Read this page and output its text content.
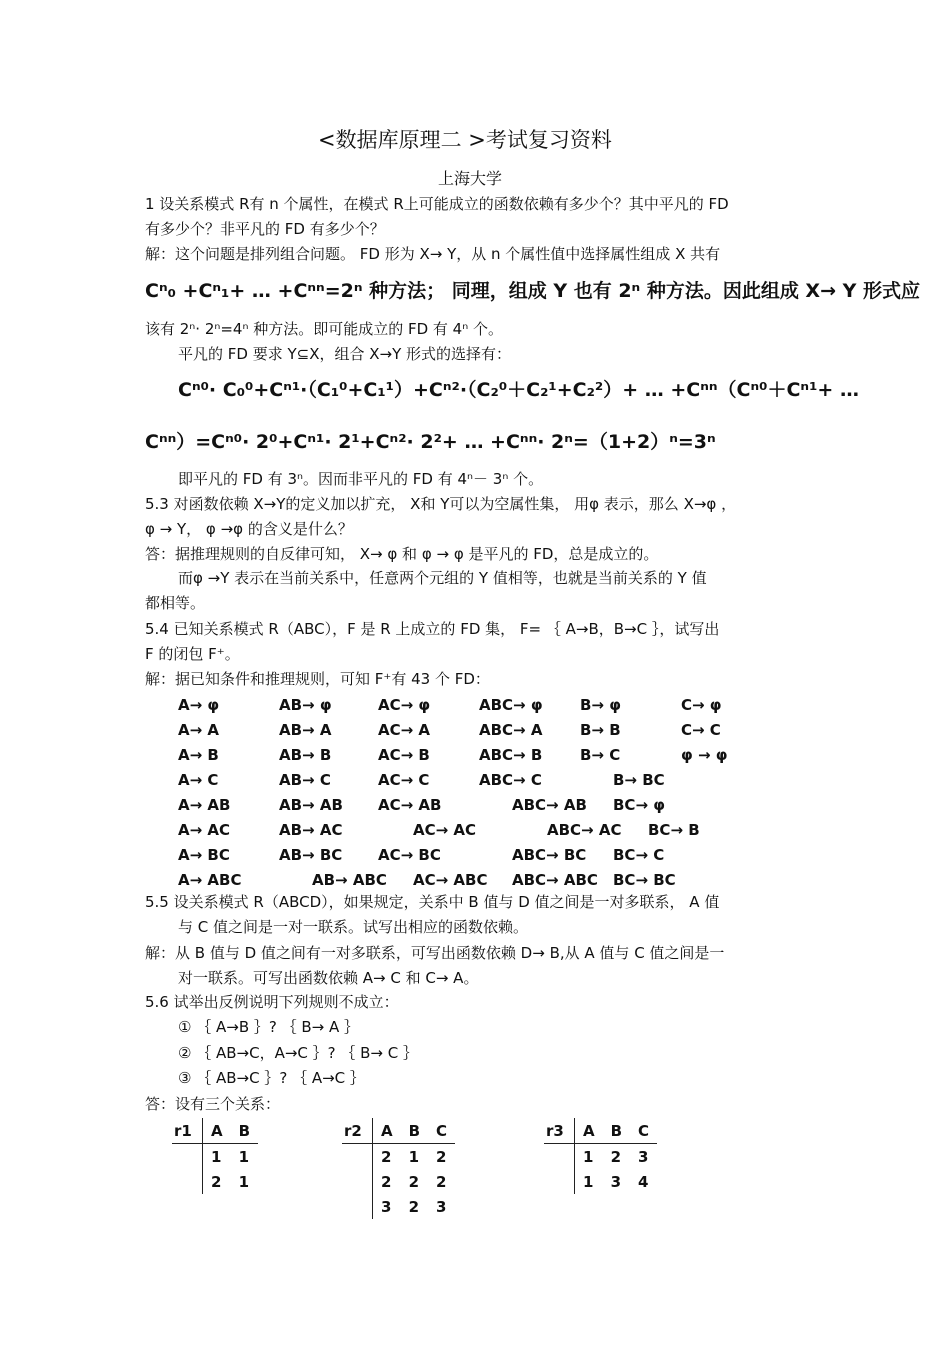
<数据库原理二 >考试复习资料
上海大学
1 设关系模式 R有 n 个属性，在模式 R上可能成立的函数依赖有多少个？其中平凡的 FD
有多少个？非平凡的 FD 有多少个？
解：这个问题是排列组合问题。 FD 形为 X→ Y，从 n 个属性值中选择属性组成 X 共有
Cⁿ₀ +Cⁿ₁+ … +Cⁿⁿ=2ⁿ 种方法； 同理，组成 Y 也有 2ⁿ 种方法。因此组成 X→ Y 形式应
该有 2ⁿ· 2ⁿ=4ⁿ 种方法。即可能成立的 FD 有 4ⁿ 个。
平凡的 FD 要求 Y⊆X，组合 X→Y 形式的选择有：
Cⁿ⁰· C₀⁰+Cⁿ¹·（C₁⁰+C₁¹）+Cⁿ²·（C₂⁰＋C₂¹+C₂²）+ … +Cⁿⁿ（Cⁿ⁰＋Cⁿ¹+ …
Cⁿⁿ）=Cⁿ⁰· 2⁰+Cⁿ¹· 2¹+Cⁿ²· 2²+ … +Cⁿⁿ· 2ⁿ=（1+2）ⁿ=3ⁿ
即平凡的 FD 有 3ⁿ。因而非平凡的 FD 有 4ⁿ－ 3ⁿ 个。
5.3 对函数依赖 X→Y的定义加以扩充， X和 Y可以为空属性集， 用φ 表示，那么 X→φ ，
φ → Y， φ →φ 的含义是什么？
答：据推理规则的自反律可知， X→ φ 和 φ → φ 是平凡的 FD，总是成立的。
而φ →Y 表示在当前关系中，任意两个元组的 Y 值相等，也就是当前关系的 Y 值
都相等。
5.4 已知关系模式 R（ABC），F 是 R 上成立的 FD 集， F= ｛ A→B，B→C ｝，试写出
F 的闭包 F⁺。
解：据已知条件和推理规则，可知 F⁺有 43 个 FD：
5.5 设关系模式 R（ABCD），如果规定，关系中 B 值与 D 值之间是一对多联系， A 值
与 C 值之间是一对一联系。试写出相应的函数依赖。
解：从 B 值与 D 值之间有一对多联系，可写出函数依赖 D→ B,从 A 值与 C 值之间是一
对一联系。可写出函数依赖 A→ C 和 C→ A。
5.6 试举出反例说明下列规则不成立：
① ｛ A→B ｝? ｛ B→ A ｝
② ｛ AB→C，A→C ｝? ｛ B→ C ｝
③ ｛ AB→C ｝? ｛ A→C ｝
答：设有三个关系：
A→ φ	AB→ φ	AC→ φ	ABC→ φ B→ φ	C→ φ
A→ A	AB→ A	AC→ A	ABC→ A	B→ B	C→ C
A→ B	AB→ B	AC→ B	ABC→ B	B→ C	φ → φ
A→ C	AB→ C	AC→ C	ABC→ C	B→ BC
A→ AB	AB→ AB AC→ AB	ABC→ AB BC→ φ
A→ AC	AB→ AC	AC→ AC	ABC→ AC BC→ B
A→ BC	AB→ BC AC→ BC	ABC→ BC BC→ C
A→ ABC	AB→ ABC AC→ ABC ABC→ ABC BC→ BC
r1	A	B
	1	1
	2	1
r2	A	B	C
	2	1	2
	2	2	2
	3	2	3
r3	A	B	C
	1	2	3
	1	3	4
